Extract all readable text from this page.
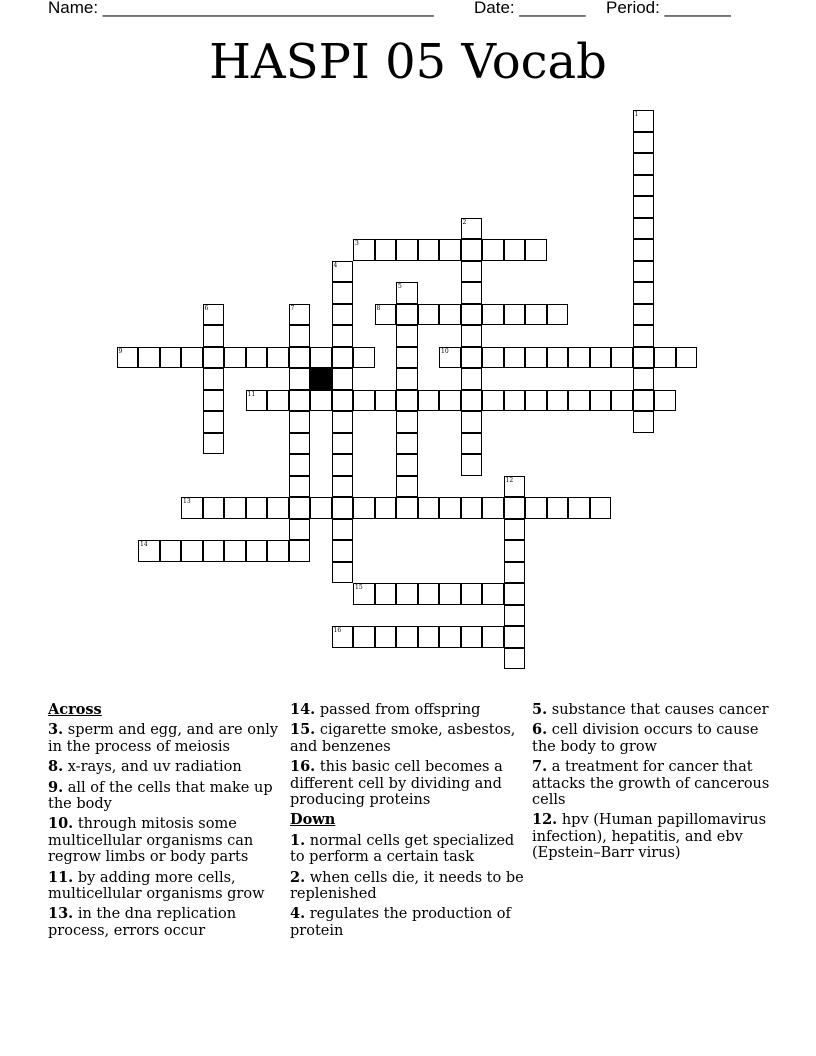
Name: ___________________________________ Date: _______ Period: _______
HASPI 05 Vocab
3
8
9	10
11
13
14
15
16
1
2
4
5
6	7
12
Across
3. sperm and egg, and are only in the process of meiosis
8. x-rays, and uv radiation
9. all of the cells that make up the body
10. through mitosis some multicellular organisms can regrow limbs or body parts
11. by adding more cells, multicellular organisms grow
13. in the dna replication process, errors occur
14. passed from offspring
15. cigarette smoke, asbestos, and benzenes
16. this basic cell becomes a different cell by dividing and producing proteins
Down
1. normal cells get specialized to perform a certain task
2. when cells die, it needs to be replenished
4. regulates the production of protein
5. substance that causes cancer
6. cell division occurs to cause the body to grow
7. a treatment for cancer that attacks the growth of cancerous cells
12. hpv (Human papillomavirus infection), hepatitis, and ebv (Epstein–Barr virus)
